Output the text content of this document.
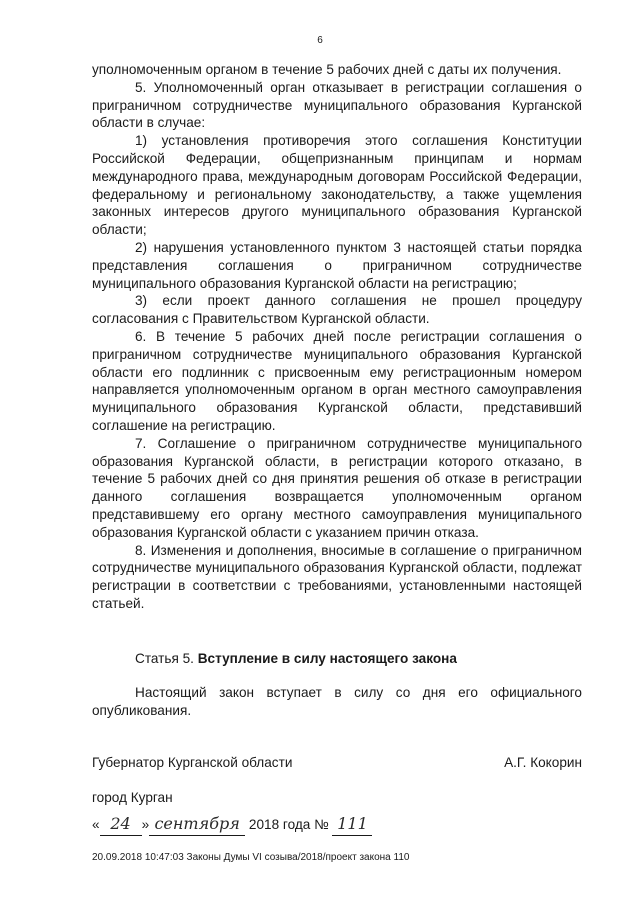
6

уполномоченным органом в течение 5 рабочих дней с даты их получения.

5. Уполномоченный орган отказывает в регистрации соглашения о приграничном сотрудничестве муниципального образования Курганской области в случае:

1) установления противоречия этого соглашения Конституции Российской Федерации, общепризнанным принципам и нормам международного права, международным договорам Российской Федерации, федеральному и региональному законодательству, а также ущемления законных интересов другого муниципального образования Курганской области;

2) нарушения установленного пунктом 3 настоящей статьи порядка представления соглашения о приграничном сотрудничестве муниципального образования Курганской области на регистрацию;

3) если проект данного соглашения не прошел процедуру согласования с Правительством Курганской области.

6. В течение 5 рабочих дней после регистрации соглашения о приграничном сотрудничестве муниципального образования Курганской области его подлинник с присвоенным ему регистрационным номером направляется уполномоченным органом в орган местного самоуправления муниципального образования Курганской области, представивший соглашение на регистрацию.

7. Соглашение о приграничном сотрудничестве муниципального образования Курганской области, в регистрации которого отказано, в течение 5 рабочих дней со дня принятия решения об отказе в регистрации данного соглашения возвращается уполномоченным органом представившему его органу местного самоуправления муниципального образования Курганской области с указанием причин отказа.

8. Изменения и дополнения, вносимые в соглашение о приграничном сотрудничестве муниципального образования Курганской области, подлежат регистрации в соответствии с требованиями, установленными настоящей статьей.

Статья 5. Вступление в силу настоящего закона
Настоящий закон вступает в силу со дня его официального опубликования.
Губернатор Курганской области	А.Г. Кокорин
город Курган
« 24 » сентября 2018 года № 111
20.09.2018 10:47:03 Законы Думы VI созыва/2018/проект закона 110
